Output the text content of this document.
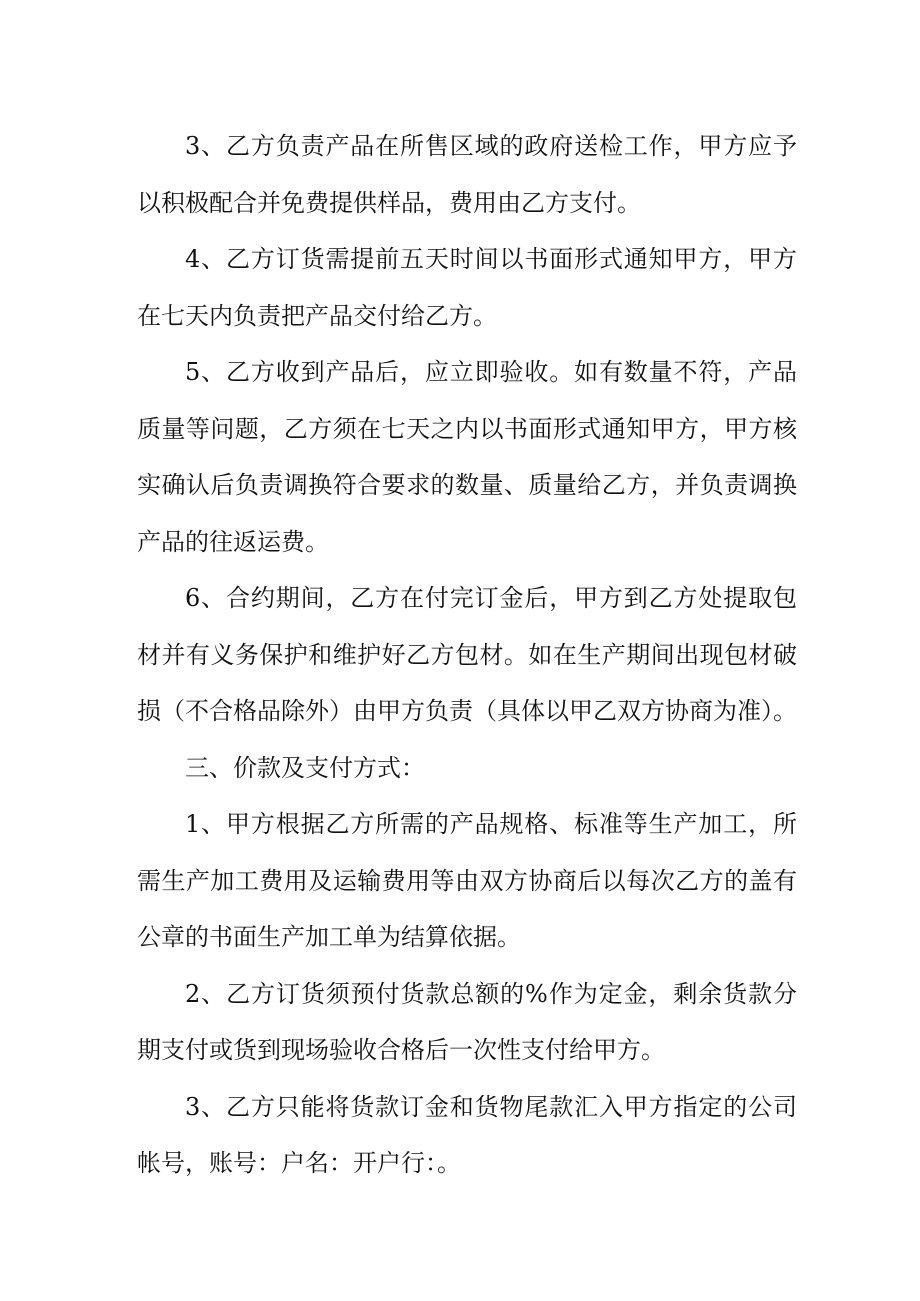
3、乙方负责产品在所售区域的政府送检工作，甲方应予以积极配合并免费提供样品，费用由乙方支付。

4、乙方订货需提前五天时间以书面形式通知甲方，甲方在七天内负责把产品交付给乙方。

5、乙方收到产品后，应立即验收。如有数量不符，产品质量等问题，乙方须在七天之内以书面形式通知甲方，甲方核实确认后负责调换符合要求的数量、质量给乙方，并负责调换产品的往返运费。

6、合约期间，乙方在付完订金后，甲方到乙方处提取包材并有义务保护和维护好乙方包材。如在生产期间出现包材破损（不合格品除外）由甲方负责（具体以甲乙双方协商为准）。

三、价款及支付方式：

1、甲方根据乙方所需的产品规格、标准等生产加工，所需生产加工费用及运输费用等由双方协商后以每次乙方的盖有公章的书面生产加工单为结算依据。

2、乙方订货须预付货款总额的%作为定金，剩余货款分期支付或货到现场验收合格后一次性支付给甲方。

3、乙方只能将货款订金和货物尾款汇入甲方指定的公司帐号，账号：户名：开户行：。
